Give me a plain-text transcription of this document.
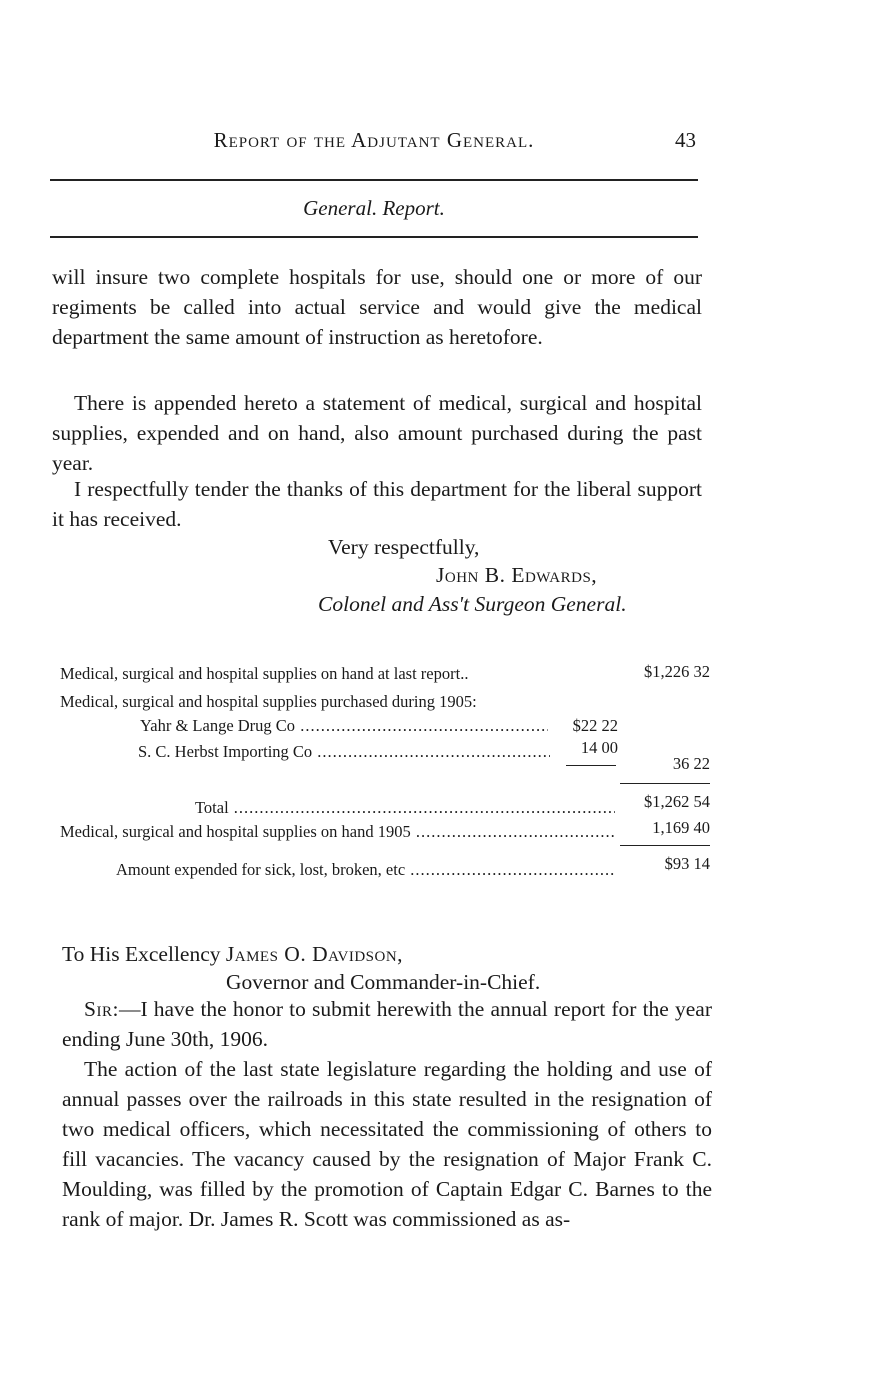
Report of the Adjutant General.	43
General. Report.

will insure two complete hospitals for use, should one or more of our regiments be called into actual service and would give the medical department the same amount of instruction as heretofore.

There is appended hereto a statement of medical, surgical and hospital supplies, expended and on hand, also amount purchased during the past year.

I respectfully tender the thanks of this department for the liberal support it has received.

Very respectfully,
John B. Edwards,
Colonel and Ass't Surgeon General.
Medical, surgical and hospital supplies on hand at last report..	$1,226 32
Medical, surgical and hospital supplies purchased during 1905:
Yahr & Lange Drug Co .....	$22 22
S. C. Herbst Importing Co .....	14 00
36 22
Total .....	$1,262 54
Medical, surgical and hospital supplies on hand 1905 .....	1,169 40
Amount expended for sick, lost, broken, etc .....	$93 14
To His Excellency James O. Davidson,
Governor and Commander-in-Chief.

Sir:—I have the honor to submit herewith the annual report for the year ending June 30th, 1906.

The action of the last state legislature regarding the holding and use of annual passes over the railroads in this state resulted in the resignation of two medical officers, which necessitated the commissioning of others to fill vacancies. The vacancy caused by the resignation of Major Frank C. Moulding, was filled by the promotion of Captain Edgar C. Barnes to the rank of major. Dr. James R. Scott was commissioned as as-
